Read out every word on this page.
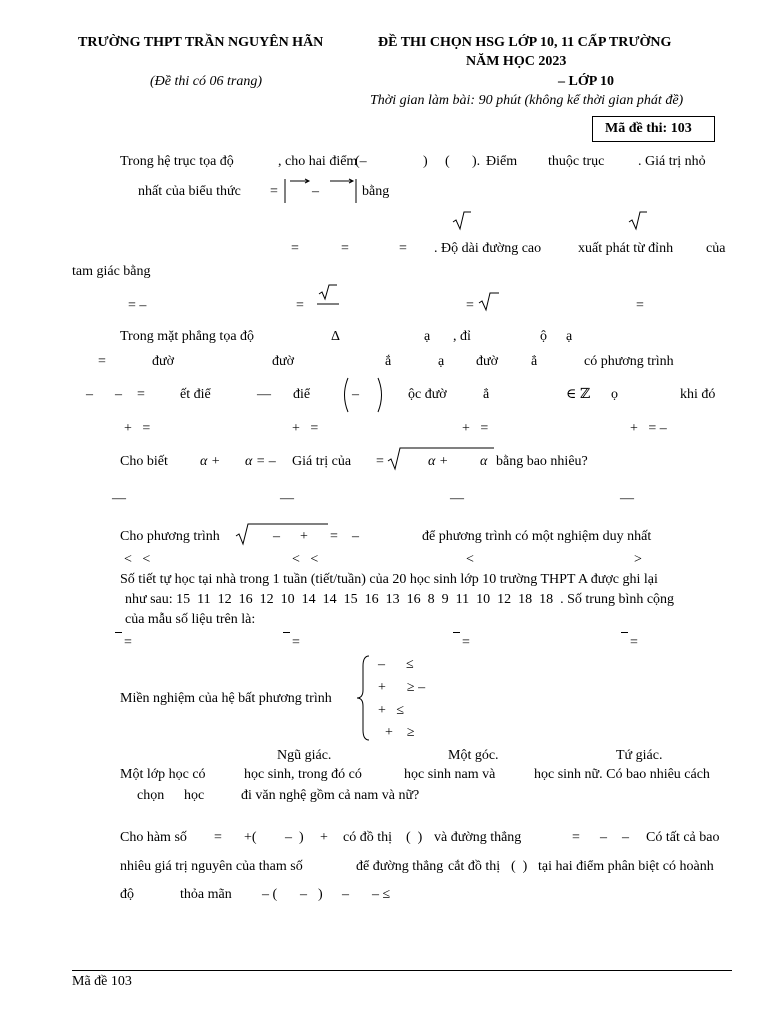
TRƯỜNG THPT TRẦN NGUYÊN HÃN	ĐỀ THI CHỌN HSG LỚP 10, 11 CẤP TRƯỜNG
NĂM HỌC 2023
(Đề thi có 06 trang)	– LỚP 10
Thời gian làm bài: 90 phút (không kể thời gian phát đề)
Mã đề thi: 103
Trong hệ trục tọa độ	, cho hai điểm
(–	) ( ). Điểm thuộc trục . Giá trị nhỏ
nhất của biểu thức = –	bằng
=	=	= . Độ dài đường cao	xuất phát từ đỉnh của
tam giác bằng
= –	=	=	=
Trong mặt phẳng tọa độ	Δ	ạ , đỉ	ộ ạ
=	đườ	đườ	ắ	ạ đườ ẳ	có phương trình
– – =	ết điể	— điể	–	ộc đườ	ẳ	∈ ℤ ọ	khi đó
+   =	+   =	+   =	+   = –
Cho biết α + α = – Giá trị của =	α + α bằng bao nhiêu?
—	—	—	—
Cho phương trình	– + = –	để phương trình có một nghiệm duy nhất
<   <	<   <	<	>
Số tiết tự học tại nhà trong 1 tuần (tiết/tuần) của 20 học sinh lớp 10 trường THPT A được ghi lại
như sau: 15  11  12  16  12  10  14  14  15  16  13  16  8  9  11  10  12  18  18  . Số trung bình cộng
của mẫu số liệu trên là:
=	=	=	=
Miền nghiệm của hệ bất phương trình
–      ≤
+      ≥ –
+   ≤
+    ≥
Ngũ giác.	Một góc.	Tứ giác.
Một lớp học có	học sinh, trong đó có	học sinh nam và	học sinh nữ. Có bao nhiêu cách
chọn học	đi văn nghệ gồm cả nam và nữ?
Cho hàm số = +( – ) + có đồ thị (  ) và đường thẳng	= – – Có tất cả bao
nhiêu giá trị nguyên của tham số	để đường thẳng cắt đồ thị (  ) tại hai điểm phân biệt có hoành
độ	thỏa mãn – ( – ) – – ≤
Mã đề 103
